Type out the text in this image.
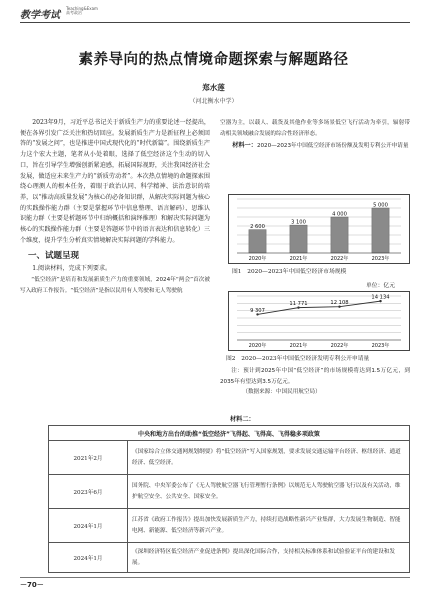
教学考试
Teaching&Exam
高考政治
素养导向的热点情境命题探索与解题路径
郑水莲
（河北衡水中学）

2023年9月，习近平总书记关于新质生产力的重要论述一经提出，便在各界引发广泛关注和热切回应。发展新质生产力是新征程上必须回答的“发展之问”，也是推进中国式现代化的“时代新篇”。围绕新质生产力这个宏大主题，笔者从小处着眼，选择了低空经济这个生动的切入口，旨在引导学生增强创新紧迫感，拓展国际视野，关注我国经济社会发展，做适应未来生产力的“新质劳动者”。本次热点情境的命题探索围绕心理测人的根本任务，着眼于政治认同、科学精神、法治意识的培养，以“推动高质量发展”为核心的必备知识群，从解决实际问题为核心的实践操作能力群（主要是掌握环节中信息整理、语言解码）、思维认识能力群（主要是析题环节中归纳概括和演绎推理）和解决实际问题为核心的实践操作能力群（主要是答题环节中的语言表达和信息转化）三个维度，提升学生分析真实情境解决实际问题的学科能力。

一、试题呈现

1.阅读材料，完成下列要求。

“低空经济”是培育和发展新质生产力的重要领域，2024年“两会”首次被写入政府工作报告。“低空经济”是指以民用有人驾驶和无人驾驶航

空器为主，以载人、载货及其他作业等多场景低空飞行活动为牵引，辐射带动相关领域融合发展的综合性经济形态。

材料一：2020—2023年中国低空经济市场份额及发明专利公开申请量

2 600
2020年
3 100
2021年
4 000
2022年
5 000
2023年
图1　2020—2023年中国低空经济市场规模
单位：亿元
9 307
2020年
11 771
2021年
12 108
2022年
14 134
2023年
图2　2020—2023年中国低空经济发明专利公开申请量

注：预计到2025年中国“低空经济”的市场规模将达到1.5万亿元，到2035年有望达到3.5万亿元。

（数据来源：中国民用航空局）

材料二：
中央和地方出台的助推“低空经济”飞得起、飞得高、飞得稳多项政策	
2021年2月	《国家综合立体交通网规划纲要》将“低空经济”写入国家规划，要求发展交通运输平台经济、枢纽经济、通道经济、低空经济。
2023年6月	国务院、中央军委公布了《无人驾驶航空器飞行管理暂行条例》以规范无人驾驶航空器飞行以及有关活动，维护航空安全、公共安全、国家安全。
2024年1月	江苏省《政府工作报告》提出加快发展新质生产力，持续打造战略性新兴产业集群，大力发展生物制造、智能电网、新能源、低空经济等新兴产业。
2024年1月	《深圳经济特区低空经济产业促进条例》提出深化国际合作，支持相关标准体系和试验验证平台的建设和发展。
－70－
